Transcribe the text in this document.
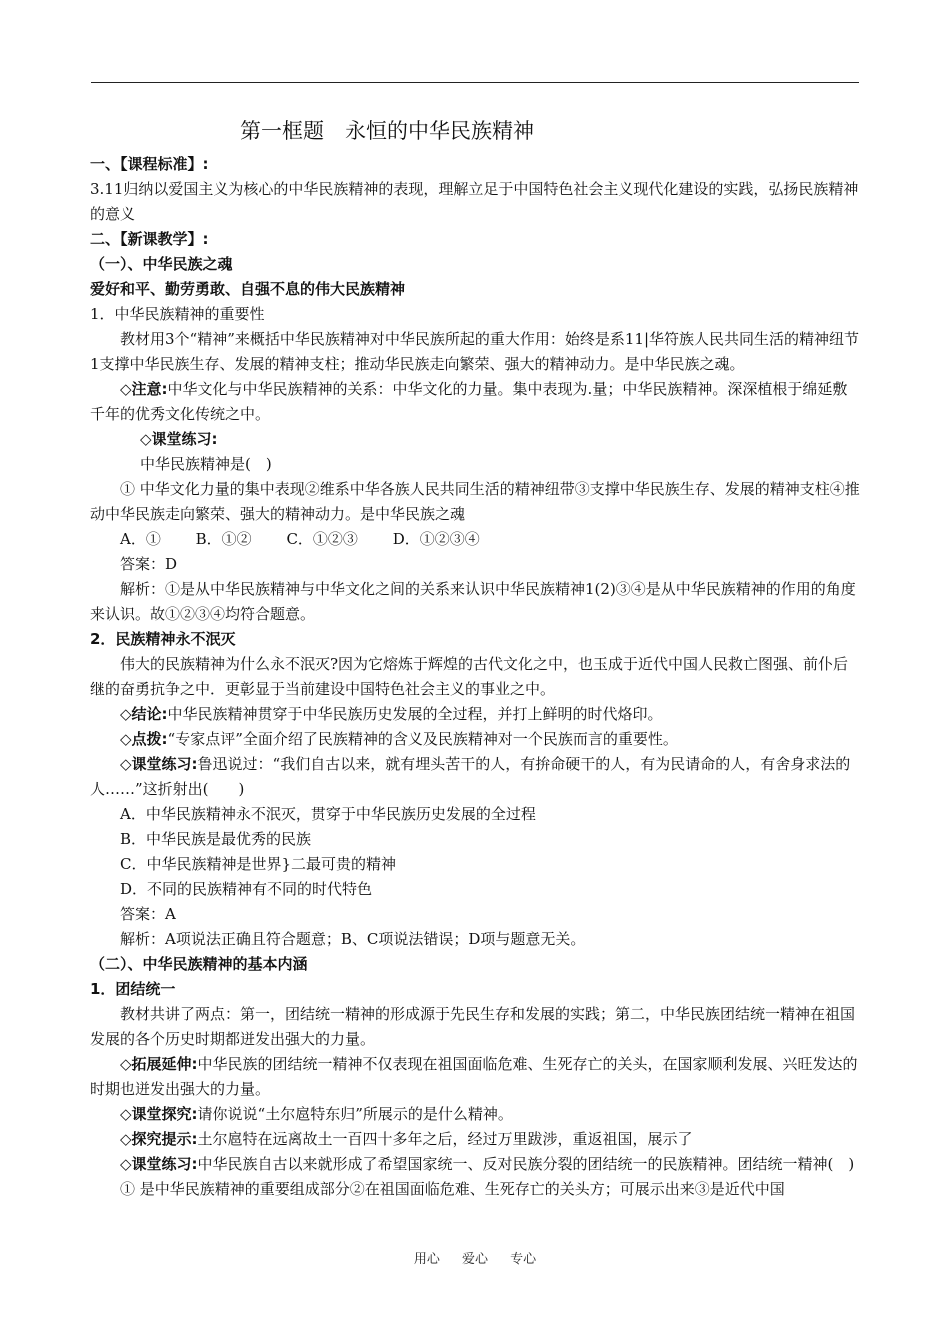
第一框题　永恒的中华民族精神

一、【课程标准】:

3.11归纳以爱国主义为核心的中华民族精神的表现，理解立足于中国特色社会主义现代化建设的实践，弘扬民族精神的意义

二、【新课教学】:

（一）、中华民族之魂

爱好和平、勤劳勇敢、自强不息的伟大民族精神

1．中华民族精神的重要性

教材用3个“精神”来概括中华民族精神对中华民族所起的重大作用：始终是系11|华符族人民共同生活的精神纽节1支撑中华民族生存、发展的精神支柱；推动华民族走向繁荣、强大的精神动力。是中华民族之魂。

◇注意:中华文化与中华民族精神的关系：中华文化的力量。集中表现为.量；中华民族精神。深深植根于绵延敷千年的优秀文化传统之中。

◇课堂练习:

中华民族精神是(　)

① 中华文化力量的集中表现②维系中华各族人民共同生活的精神纽带③支撑中华民族生存、发展的精神支柱④推动中华民族走向繁荣、强大的精神动力。是中华民族之魂

A．① B．①② C．①②③ D．①②③④

答案：D

解析：①是从中华民族精神与中华文化之间的关系来认识中华民族精神1(2)③④是从中华民族精神的作用的角度来认识。故①②③④均符合题意。

2．民族精神永不泯灭

伟大的民族精神为什么永不泯灭?因为它熔炼于辉煌的古代文化之中，也玉成于近代中国人民救亡图强、前仆后继的奋勇抗争之中．更彰显于当前建设中国特色社会主义的事业之中。

◇结论:中华民族精神贯穿于中华民族历史发展的全过程，并打上鲜明的时代烙印。

◇点拨:“专家点评”全面介绍了民族精神的含义及民族精神对一个民族而言的重要性。

◇课堂练习:鲁迅说过：“我们自古以来，就有埋头苦干的人，有拚命硬干的人，有为民请命的人，有舍身求法的人……”这折射出(　　)

A．中华民族精神永不泯灭，贯穿于中华民族历史发展的全过程

B．中华民族是最优秀的民族

C．中华民族精神是世界}二最可贵的精神

D．不同的民族精神有不同的时代特色

答案：A

解析：A项说法正确且符合题意；B、C项说法错误；D项与题意无关。

（二）、中华民族精神的基本内涵

1．团结统一

教材共讲了两点：第一，团结统一精神的形成源于先民生存和发展的实践；第二，中华民族团结统一精神在祖国发展的各个历史时期都迸发出强大的力量。

◇拓展延伸:中华民族的团结统一精神不仅表现在祖国面临危难、生死存亡的关头，在国家顺利发展、兴旺发达的时期也迸发出强大的力量。

◇课堂探究:请你说说“土尔扈特东归”所展示的是什么精神。

◇探究提示:土尔扈特在远离故土一百四十多年之后，经过万里跋涉，重返祖国，展示了

◇课堂练习:中华民族自古以来就形成了希望国家统一、反对民族分裂的团结统一的民族精神。团结统一精神(　)

① 是中华民族精神的重要组成部分②在祖国面临危难、生死存亡的关头方；可展示出来③是近代中国

用心 爱心 专心
